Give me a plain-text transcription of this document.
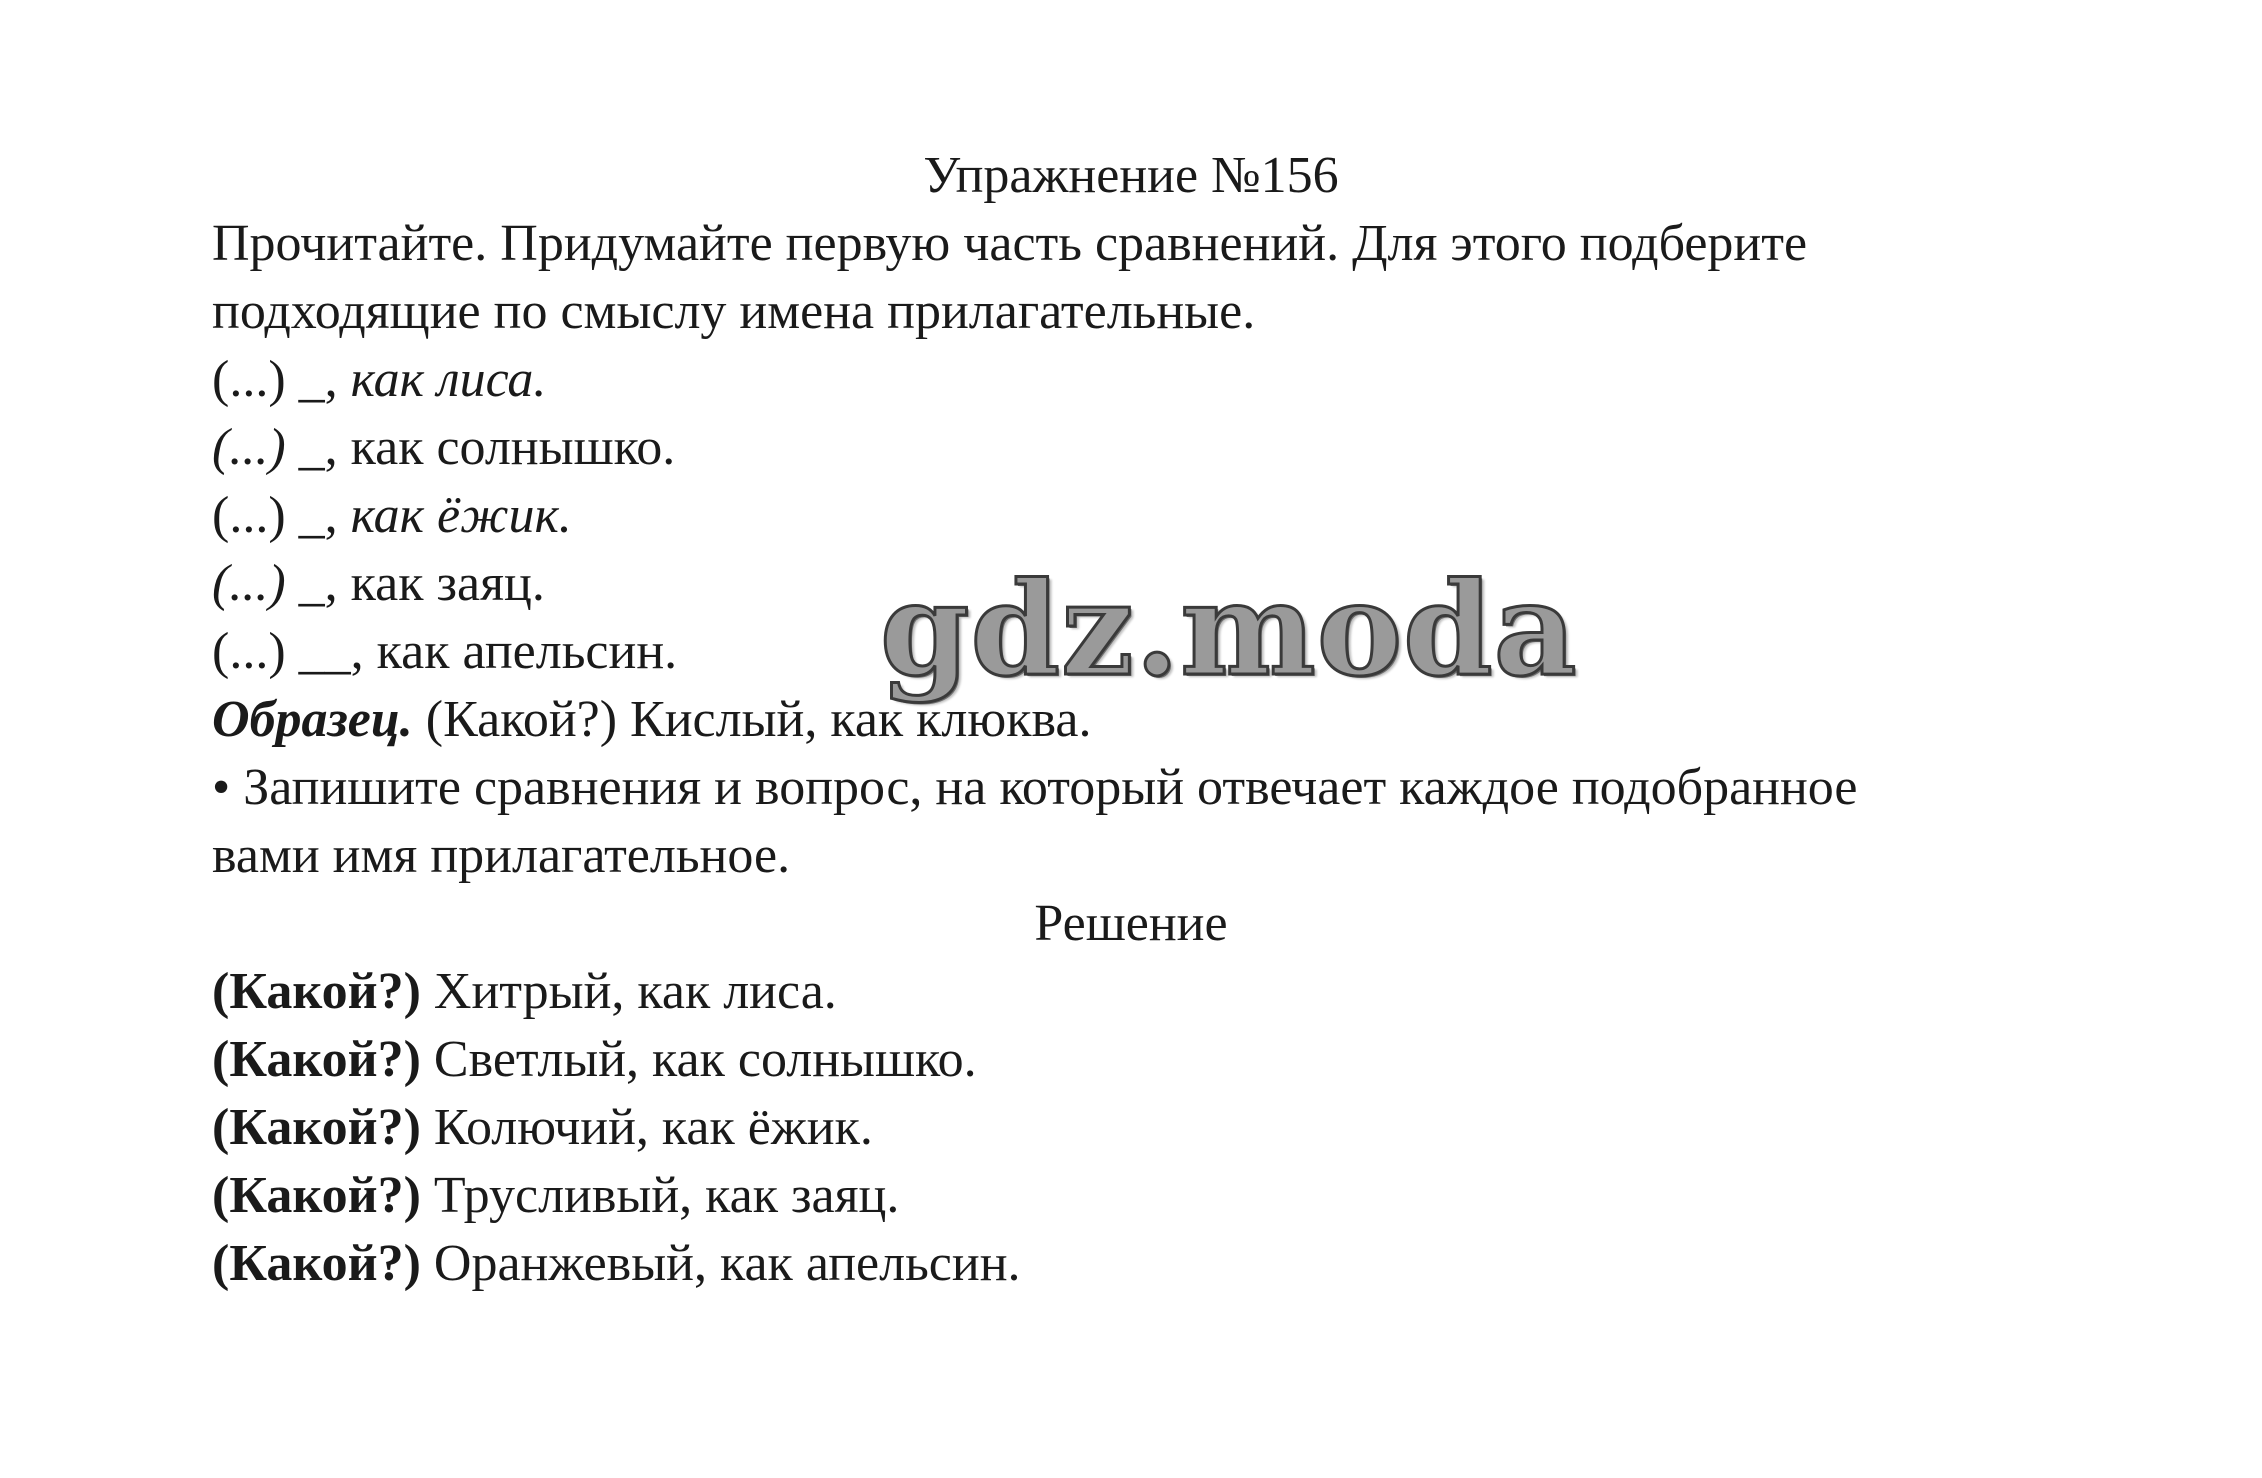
Упражнение №156
Прочитайте. Придумайте первую часть сравнений. Для этого подберите
подходящие по смыслу имена прилагательные.
(...) _, как лиса.
(...) _, как солнышко.
(...) _, как ёжик.
(...) _, как заяц.
(...) __, как апельсин.
Образец. (Какой?) Кислый, как клюква.
• Запишите сравнения и вопрос, на который отвечает каждое подобранное
вами имя прилагательное.
Решение
(Какой?) Хитрый, как лиса.
(Какой?) Светлый, как солнышко.
(Какой?) Колючий, как ёжик.
(Какой?) Трусливый, как заяц.
(Какой?) Оранжевый, как апельсин.
gdz.moda
